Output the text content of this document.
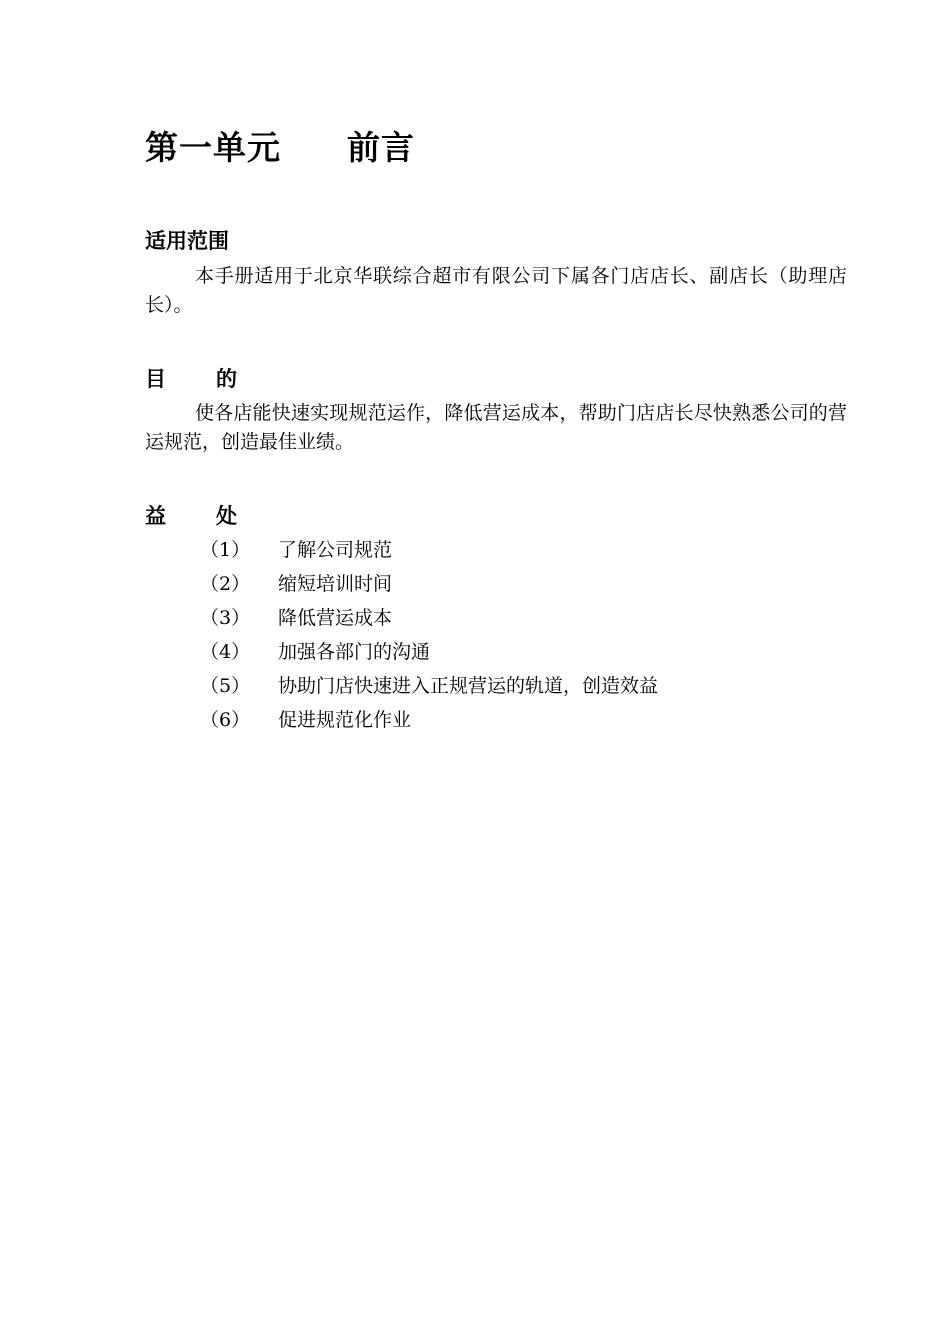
第一单元 前言
适用范围

本手册适用于北京华联综合超市有限公司下属各门店店长、副店长（助理店长）。

目 的

使各店能快速实现规范运作，降低营运成本，帮助门店店长尽快熟悉公司的营运规范，创造最佳业绩。

益 处
（1） 了解公司规范
（2） 缩短培训时间
（3） 降低营运成本
（4） 加强各部门的沟通
（5） 协助门店快速进入正规营运的轨道，创造效益
（6） 促进规范化作业
